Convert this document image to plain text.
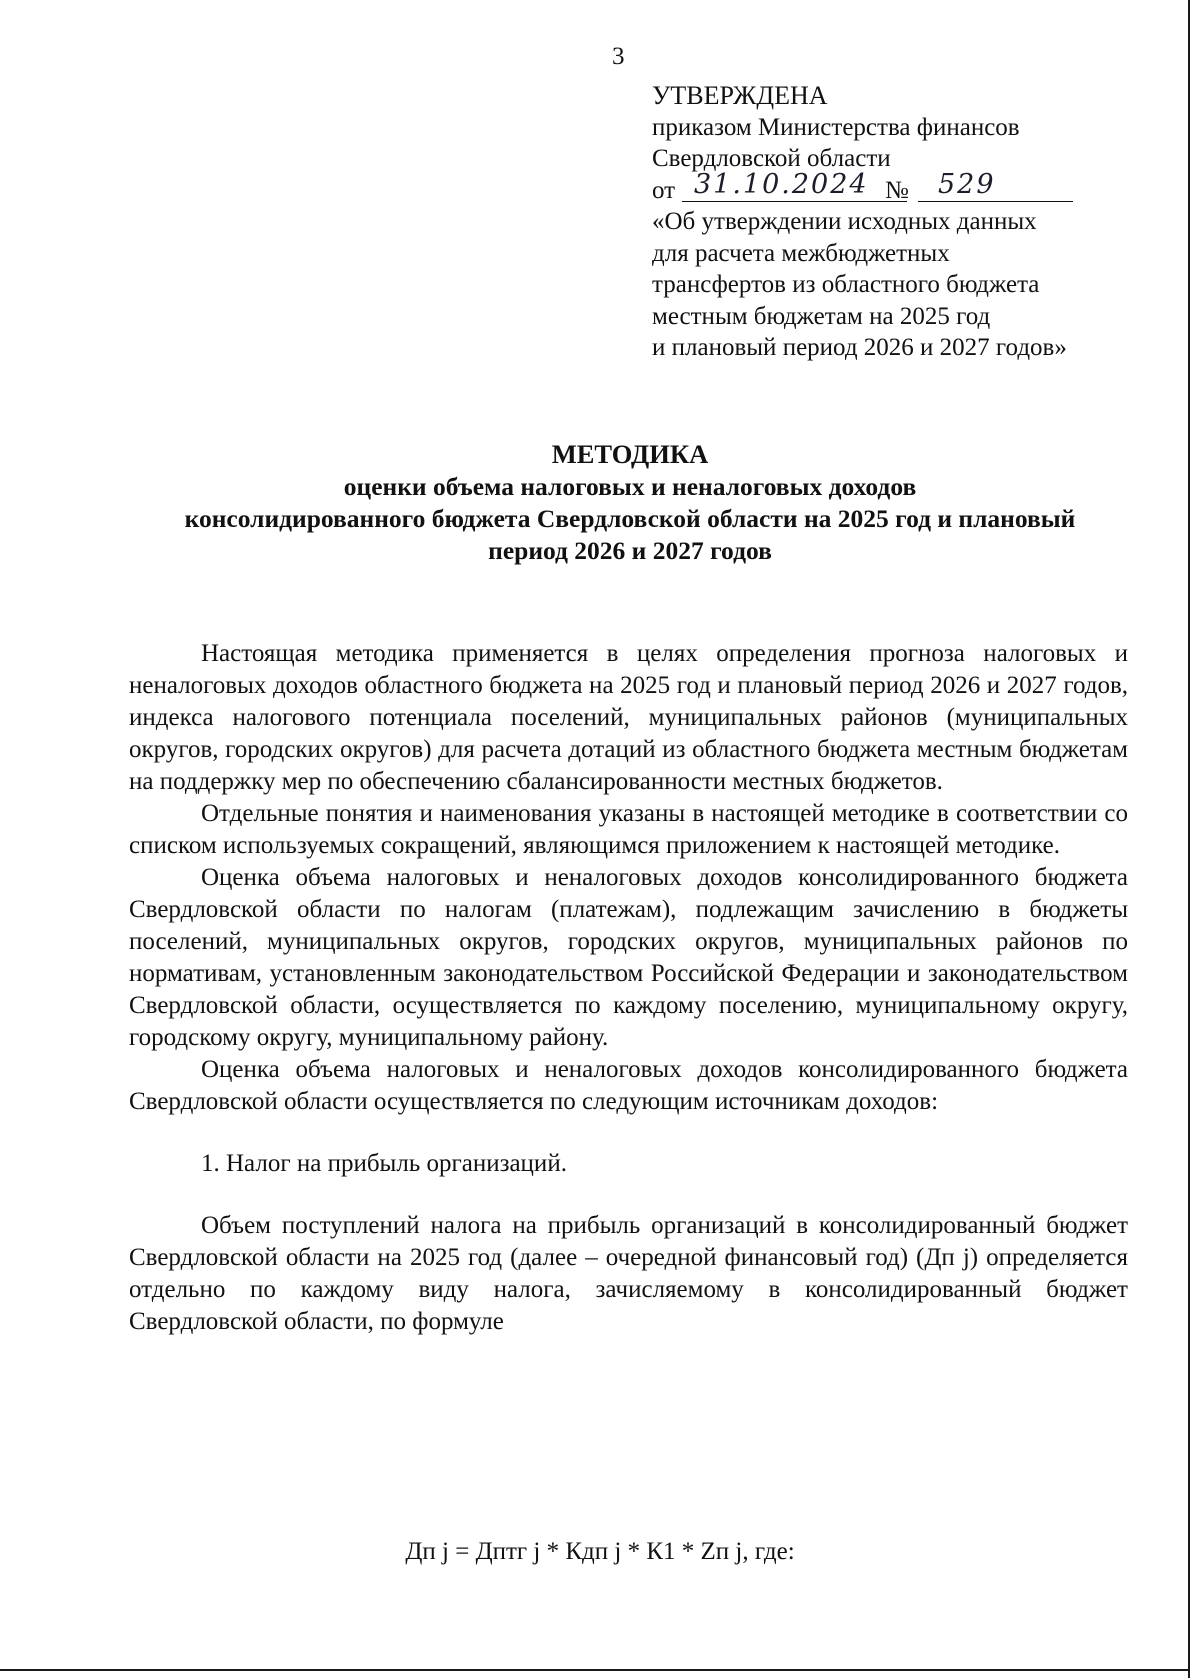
3
УТВЕРЖДЕНА
приказом Министерства финансов
Свердловской области
от 31.10.2024 № 529
«Об утверждении исходных данных
для расчета межбюджетных
трансфертов из областного бюджета
местным бюджетам на 2025 год
и плановый период 2026 и 2027 годов»
МЕТОДИКА
оценки объема налоговых и неналоговых доходов
консолидированного бюджета Свердловской области на 2025 год и плановый
период 2026 и 2027 годов

Настоящая методика применяется в целях определения прогноза налоговых и неналоговых доходов областного бюджета на 2025 год и плановый период 2026 и 2027 годов, индекса налогового потенциала поселений, муниципальных районов (муниципальных округов, городских округов) для расчета дотаций из областного бюджета местным бюджетам на поддержку мер по обеспечению сбалансированности местных бюджетов.

Отдельные понятия и наименования указаны в настоящей методике в соответствии со списком используемых сокращений, являющимся приложением к настоящей методике.

Оценка объема налоговых и неналоговых доходов консолидированного бюджета Свердловской области по налогам (платежам), подлежащим зачислению в бюджеты поселений, муниципальных округов, городских округов, муниципальных районов по нормативам, установленным законодательством Российской Федерации и законодательством Свердловской области, осуществляется по каждому поселению, муниципальному округу, городскому округу, муниципальному району.

Оценка объема налоговых и неналоговых доходов консолидированного бюджета Свердловской области осуществляется по следующим источникам доходов:

1. Налог на прибыль организаций.

Объем поступлений налога на прибыль организаций в консолидированный бюджет Свердловской области на 2025 год (далее – очередной финансовый год) (Дп j) определяется отдельно по каждому виду налога, зачисляемому в консолидированный бюджет Свердловской области, по формуле

Дп j = Дптг j * Кдп j * К1 * Zп j, где:
